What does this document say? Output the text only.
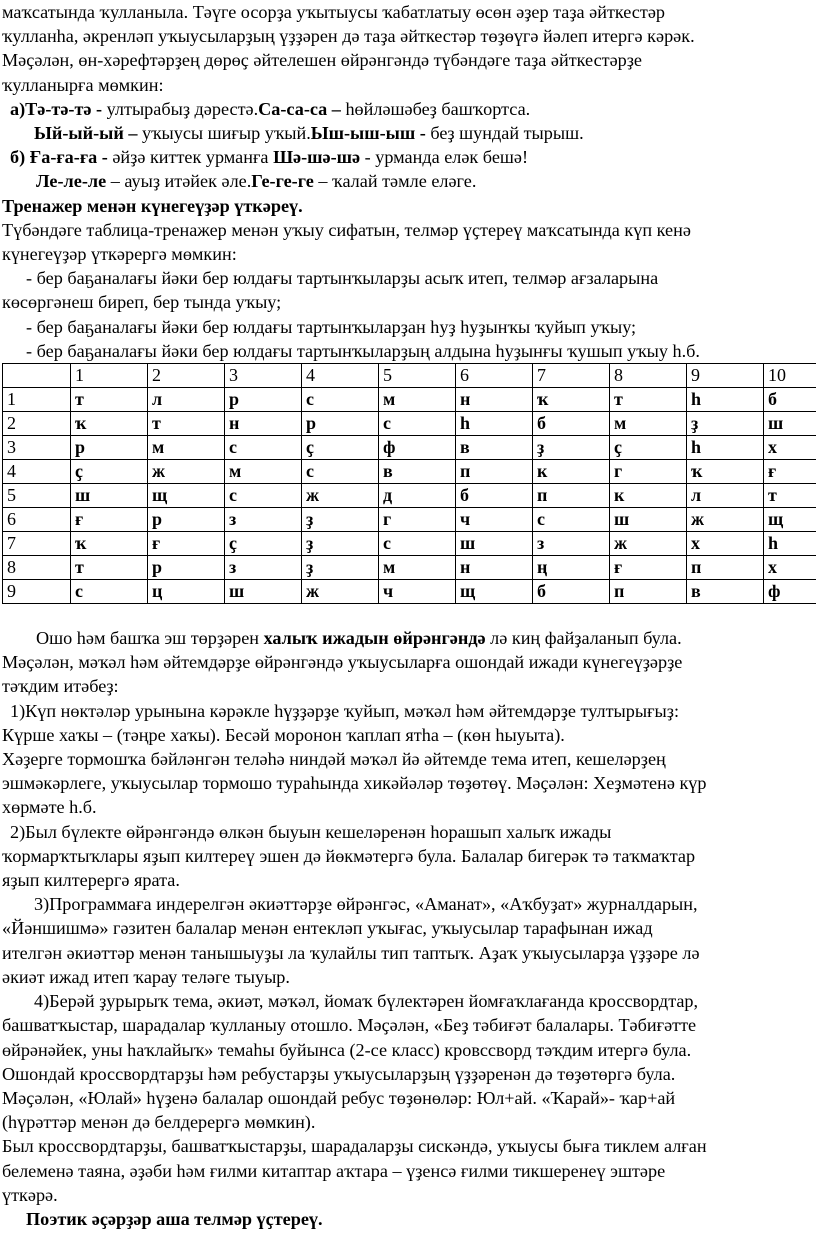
маҡсатында ҡулланыла. Тәүге осорҙа уҡытыусы ҡабатлатыу өсөн әҙер таҙа әйткестәр

ҡулланһа, әкренләп уҡыусыларҙың үҙҙәрен дә таҙа әйткестәр төҙөүгә йәлеп итергә кәрәк.

Мәҫәлән, өн-хәрефтәрҙең дөрөҫ әйтелешен өйрәнгәндә түбәндәге таҙа әйткестәрҙе

ҡулланырға мөмкин:

а)Тә-тә-тә - ултырабыҙ дәрестә.Са-са-са – һөйләшәбеҙ башҡортса.

Ый-ый-ый – уҡыусы шиғыр уҡый.Ыш-ыш-ыш - беҙ шундай тырыш.

б) Ға-ға-ға - әйҙә киттек урманға Шә-шә-шә - урманда еләк бешә!

Ле-ле-ле – ауыҙ итәйек әле.Ге-ге-ге – ҡалай тәмле еләге.

Тренажер менән күнегеүҙәр үткәреү.

Түбәндәге таблица-тренажер менән уҡыу сифатын, телмәр үҫтереү маҡсатында күп кенә

күнегеүҙәр үткәрергә мөмкин:

- бер баҕаналағы йәки бер юлдағы тартынҡыларҙы асыҡ итеп, телмәр ағзаларына

көсөргәнеш биреп, бер тында уҡыу;

- бер баҕаналағы йәки бер юлдағы тартынҡыларҙан һуҙ һуҙынҡы ҡуйып уҡыу;

- бер баҕаналағы йәки бер юлдағы тартынҡыларҙың алдына һуҙынғы ҡушып уҡыу һ.б.

	1	2	3	4	5	6	7	8	9	10
1	т	л	р	с	м	н	ҡ	т	һ	б
2	ҡ	т	н	р	с	һ	б	м	ҙ	ш
3	р	м	с	ҫ	ф	в	ҙ	ҫ	һ	х
4	ҫ	ж	м	с	в	п	к	г	ҡ	ғ
5	ш	щ	с	ж	д	б	п	к	л	т
6	ғ	р	з	ҙ	г	ч	с	ш	ж	щ
7	ҡ	ғ	ҫ	ҙ	с	ш	з	ж	х	һ
8	т	р	з	ҙ	м	н	ң	ғ	п	х
9	с	ц	ш	ж	ч	щ	б	п	в	ф

Ошо һәм башҡа эш төрҙәрен халыҡ ижадын өйрәнгәндә лә киң файҙаланып була.

Мәҫәлән, мәҡәл һәм әйтемдәрҙе өйрәнгәндә уҡыусыларға ошондай ижади күнегеүҙәрҙе

тәҡдим итәбеҙ:

1)Күп нөктәләр урынына кәрәкле һүҙҙәрҙе ҡуйып, мәҡәл һәм әйтемдәрҙе тултырығыҙ:

Күрше хаҡы – (тәңре хаҡы). Бесәй моронон ҡаплап ятһа – (көн һыуыта).

Хәҙерге тормошҡа бәйләнгән теләһә ниндәй мәҡәл йә әйтемде тема итеп, кешеләрҙең

эшмәкәрлеге, уҡыусылар тормошо тураһында хикәйәләр төҙөтөү. Мәҫәлән: Хеҙмәтенә күр

хөрмәте һ.б.

2)Был бүлекте өйрәнгәндә өлкән быуын кешеләренән һорашып халыҡ ижады

ҡормарҡтыҡлары яҙып килтереү эшен дә йөкмәтергә була. Балалар бигерәк тә таҡмаҡтар

яҙып килтерергә ярата.

3)Программаға индерелгән әкиәттәрҙе өйрәнгәс, «Аманат», «Аҡбуҙат» журналдарын,

«Йәншишмә» гәзитен балалар менән ентекләп уҡығас, уҡыусылар тарафынан ижад

ителгән әкиәттәр менән танышыуҙы ла ҡулайлы тип таптыҡ. Аҙаҡ уҡыусыларҙа үҙҙәре лә

әкиәт ижад итеп ҡарау теләге тыуыр.

4)Берәй ҙурырыҡ тема, әкиәт, мәҡәл, йомаҡ бүлектәрен йомғаҡлағанда кроссвордтар,

башватҡыстар, шарадалар ҡулланыу отошло. Мәҫәлән, «Беҙ тәбиғәт балалары. Тәбиғәтте

өйрәнәйек, уны һаҡлайыҡ» темаһы буйынса (2-се класс) кровссворд тәҡдим итергә була.

Ошондай кроссвордтарҙы һәм ребустарҙы уҡыусыларҙың үҙҙәренән дә төҙөтөргә була.

Мәҫәлән, «Юлай» һүҙенә балалар ошондай ребус төҙөнөләр: Юл+ай. «Ҡарай»- ҡар+ай

(һүрәттәр менән дә белдерергә мөмкин).

Был кроссвордтарҙы, башватҡыстарҙы, шарадаларҙы сискәндә, уҡыусы быға тиклем алған

белеменә таяна, әҙәби һәм ғилми китаптар аҡтара – үҙенсә ғилми тикшеренеү эштәре

үткәрә.

Поэтик әҫәрҙәр аша телмәр үҫтереү.
